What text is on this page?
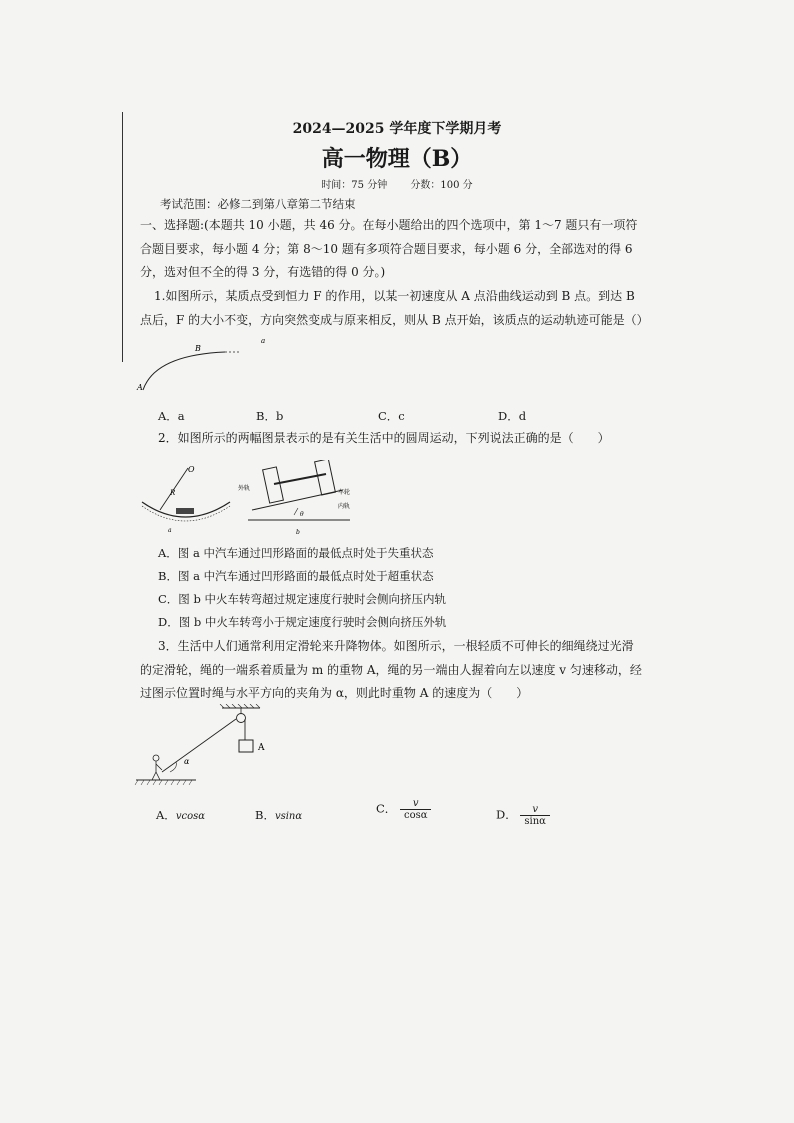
2024—2025 学年度下学期月考
高一物理（B）
时间：75 分钟 分数：100 分
考试范围：必修二到第八章第二节结束
一、选择题:(本题共 10 小题，共 46 分。在每小题给出的四个选项中，第 1～7 题只有一项符合题目要求，每小题 4 分；第 8～10 题有多项符合题目要求，每小题 6 分，全部选对的得 6 分，选对但不全的得 3 分，有选错的得 0 分。)
1.如图所示，某质点受到恒力 F 的作用，以某一初速度从 A 点沿曲线运动到 B 点。到达 B 点后，F 的大小不变，方向突然变成与原来相反，则从 B 点开始，该质点的运动轨迹可能是（）
A
B
a
A．a	B．b	C．c	D．d
2．如图所示的两幅图景表示的是有关生活中的圆周运动，下列说法正确的是（　　）
O
R
a
外轨
车轮
内轨
θ
b
A．图 a 中汽车通过凹形路面的最低点时处于失重状态
B．图 a 中汽车通过凹形路面的最低点时处于超重状态
C．图 b 中火车转弯超过规定速度行驶时会侧向挤压内轨
D．图 b 中火车转弯小于规定速度行驶时会侧向挤压外轨
3．生活中人们通常利用定滑轮来升降物体。如图所示，一根轻质不可伸长的细绳绕过光滑的定滑轮，绳的一端系着质量为 m 的重物 A，绳的另一端由人握着向左以速度 v 匀速移动，经过图示位置时绳与水平方向的夹角为 α，则此时重物 A 的速度为（　　）
A
α
A．vcosα	B．vsinα
C． $\frac{v}{\cos\alpha}$	D． $\frac{v}{\sin\alpha}$
